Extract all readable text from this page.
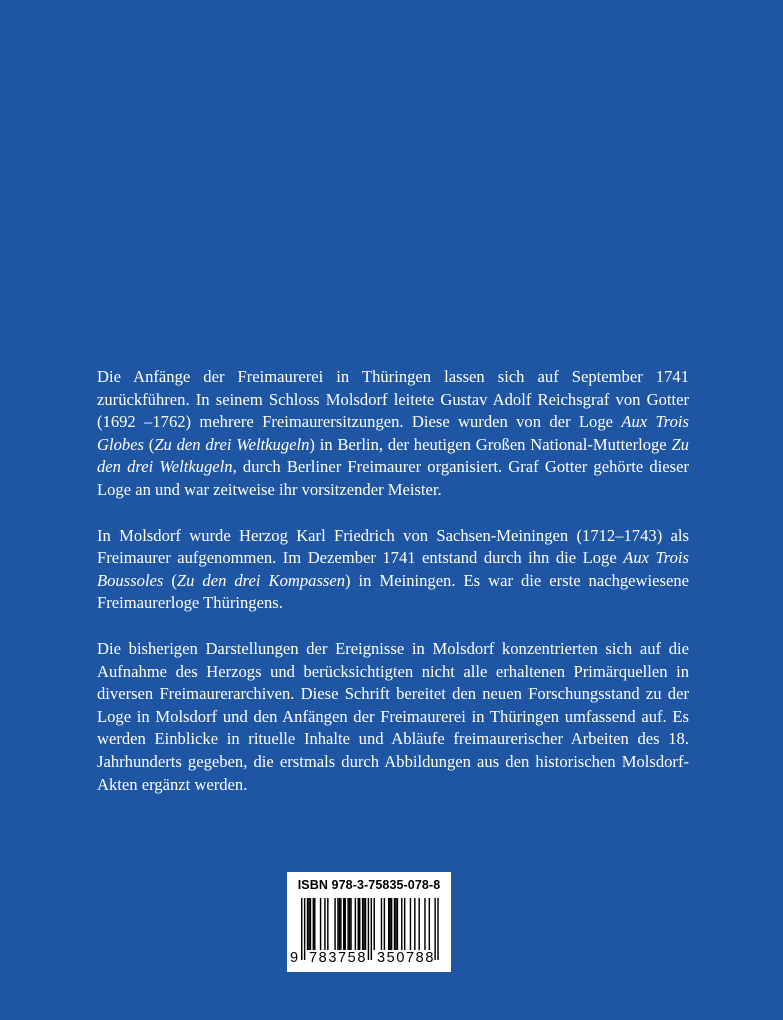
Die Anfänge der Freimaurerei in Thüringen lassen sich auf September 1741 zurückführen. In seinem Schloss Molsdorf leitete Gustav Adolf Reichsgraf von Gotter (1692 –1762) mehrere Freimaurersitzungen. Diese wurden von der Loge Aux Trois Globes (Zu den drei Weltkugeln) in Berlin, der heutigen Großen National-Mutterloge Zu den drei Weltkugeln, durch Berliner Freimaurer organisiert. Graf Gotter gehörte dieser Loge an und war zeitweise ihr vorsitzender Meister.

In Molsdorf wurde Herzog Karl Friedrich von Sachsen-Meiningen (1712–1743) als Freimaurer aufgenommen. Im Dezember 1741 entstand durch ihn die Loge Aux Trois Boussoles (Zu den drei Kompassen) in Meiningen. Es war die erste nachgewiesene Freimaurerloge Thüringens.

Die bisherigen Darstellungen der Ereignisse in Molsdorf konzentrierten sich auf die Aufnahme des Herzogs und berücksichtigten nicht alle erhaltenen Primärquellen in diversen Freimaurerarchiven. Diese Schrift bereitet den neuen Forschungsstand zu der Loge in Molsdorf und den Anfängen der Freimaurerei in Thüringen umfassend auf. Es werden Einblicke in rituelle Inhalte und Abläufe freimaurerischer Arbeiten des 18. Jahrhunderts gegeben, die erstmals durch Abbildungen aus den historischen Molsdorf-Akten ergänzt werden.

ISBN 978-3-75835-078-8
9 783758 350788
